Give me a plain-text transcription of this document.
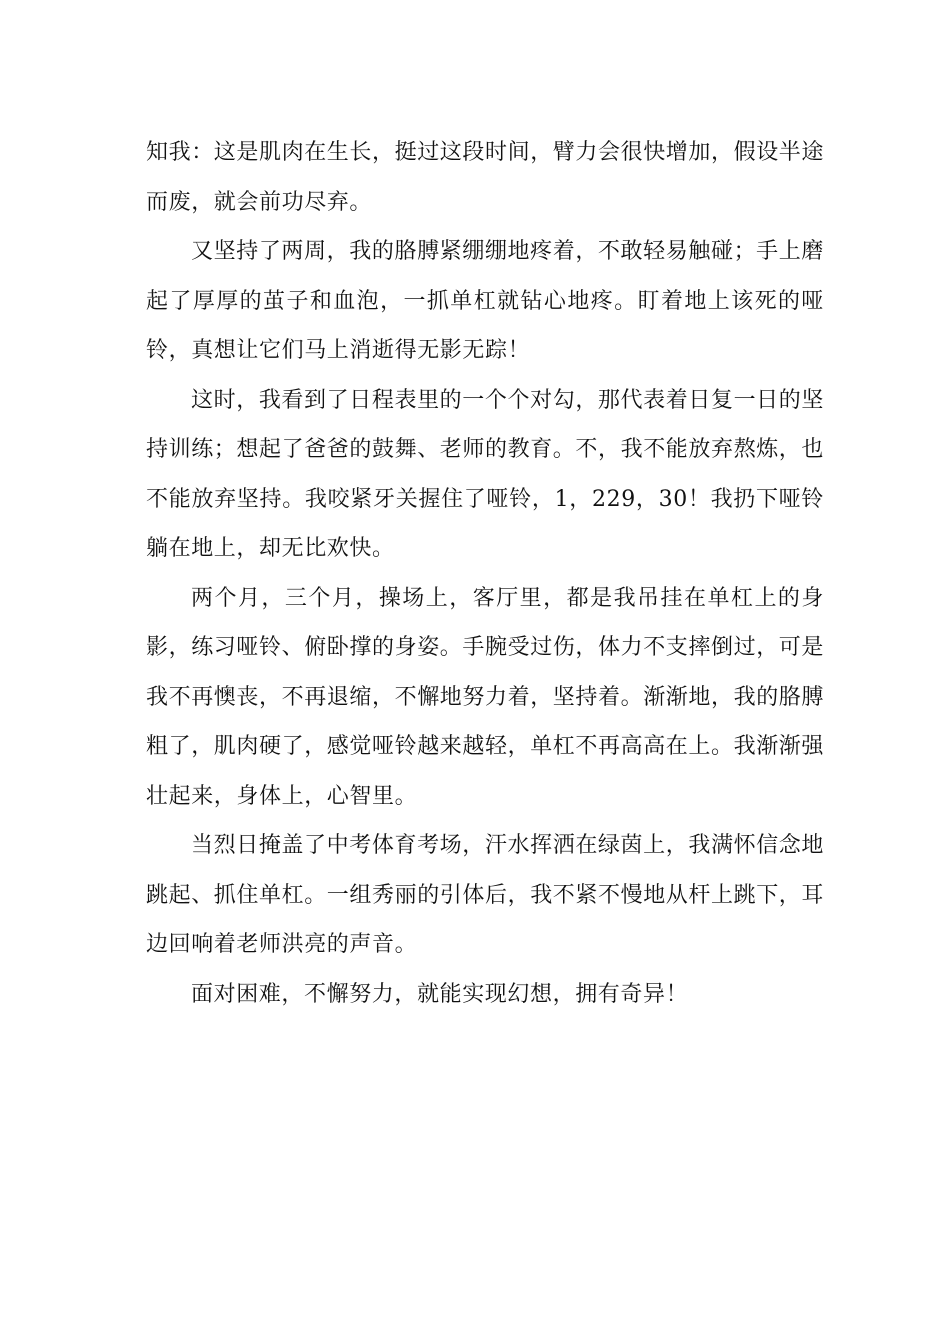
知我：这是肌肉在生长，挺过这段时间，臂力会很快增加，假设半途而废，就会前功尽弃。

又坚持了两周，我的胳膊紧绷绷地疼着，不敢轻易触碰；手上磨起了厚厚的茧子和血泡，一抓单杠就钻心地疼。盯着地上该死的哑铃，真想让它们马上消逝得无影无踪！

这时，我看到了日程表里的一个个对勾，那代表着日复一日的坚持训练；想起了爸爸的鼓舞、老师的教育。不，我不能放弃熬炼，也不能放弃坚持。我咬紧牙关握住了哑铃，1，229，30！我扔下哑铃躺在地上，却无比欢快。

两个月，三个月，操场上，客厅里，都是我吊挂在单杠上的身影，练习哑铃、俯卧撑的身姿。手腕受过伤，体力不支摔倒过，可是我不再懊丧，不再退缩，不懈地努力着，坚持着。渐渐地，我的胳膊粗了，肌肉硬了，感觉哑铃越来越轻，单杠不再高高在上。我渐渐强壮起来，身体上，心智里。

当烈日掩盖了中考体育考场，汗水挥洒在绿茵上，我满怀信念地跳起、抓住单杠。一组秀丽的引体后，我不紧不慢地从杆上跳下，耳边回响着老师洪亮的声音。

面对困难，不懈努力，就能实现幻想，拥有奇异！
